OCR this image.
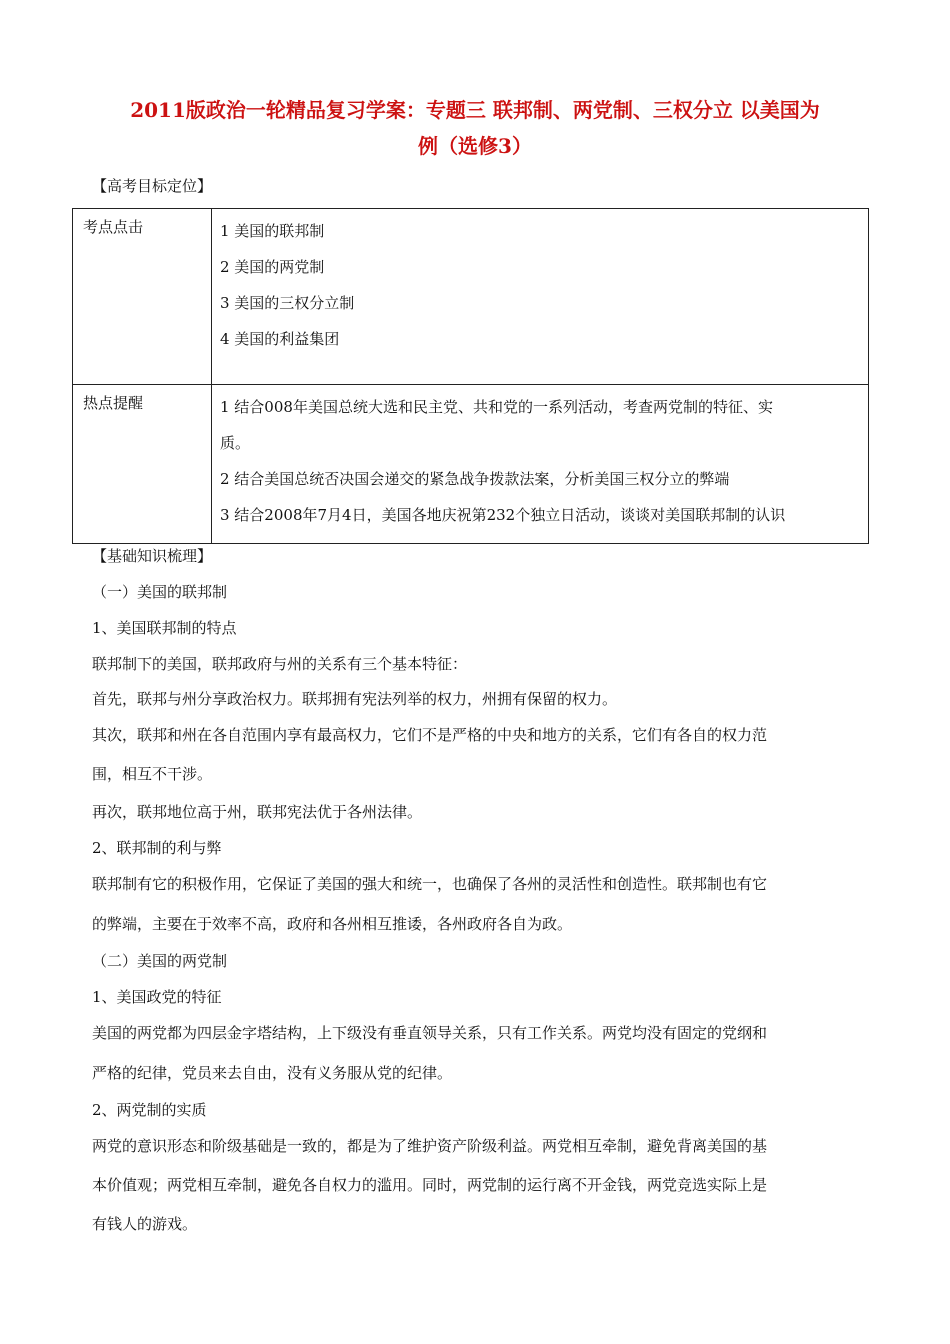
2011版政治一轮精品复习学案：专题三 联邦制、两党制、三权分立 以美国为
例（选修3）
【高考目标定位】
考点点击	1 美国的联邦制
2 美国的两党制
3 美国的三权分立制
4 美国的利益集团

热点提醒	1 结合008年美国总统大选和民主党、共和党的一系列活动，考查两党制的特征、实
质。
2 结合美国总统否决国会递交的紧急战争拨款法案，分析美国三权分立的弊端
3 结合2008年7月4日，美国各地庆祝第232个独立日活动，谈谈对美国联邦制的认识
【基础知识梳理】
（一）美国的联邦制
1、美国联邦制的特点
联邦制下的美国，联邦政府与州的关系有三个基本特征：
首先，联邦与州分享政治权力。联邦拥有宪法列举的权力，州拥有保留的权力。
其次，联邦和州在各自范围内享有最高权力，它们不是严格的中央和地方的关系，它们有各自的权力范
围，相互不干涉。
再次，联邦地位高于州，联邦宪法优于各州法律。
2、联邦制的利与弊
联邦制有它的积极作用，它保证了美国的强大和统一，也确保了各州的灵活性和创造性。联邦制也有它
的弊端，主要在于效率不高，政府和各州相互推诿，各州政府各自为政。
（二）美国的两党制
1、美国政党的特征
美国的两党都为四层金字塔结构，上下级没有垂直领导关系，只有工作关系。两党均没有固定的党纲和
严格的纪律，党员来去自由，没有义务服从党的纪律。
2、两党制的实质
两党的意识形态和阶级基础是一致的，都是为了维护资产阶级利益。两党相互牵制，避免背离美国的基
本价值观；两党相互牵制，避免各自权力的滥用。同时，两党制的运行离不开金钱，两党竞选实际上是
有钱人的游戏。
